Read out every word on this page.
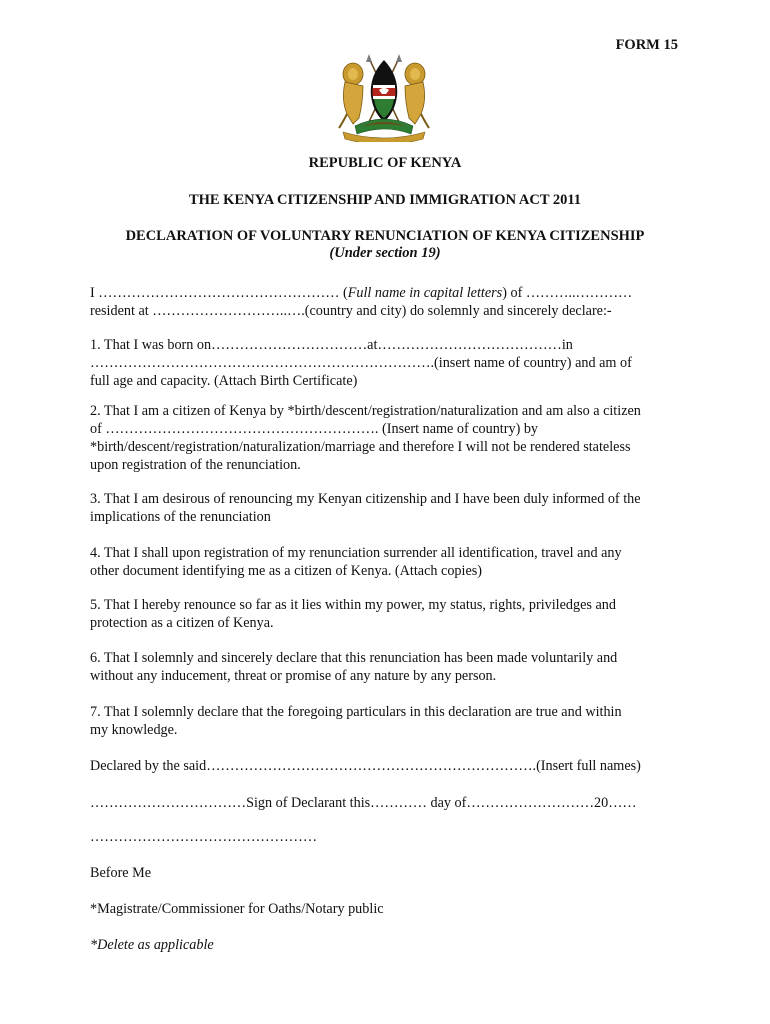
FORM 15
REPUBLIC OF KENYA
THE KENYA CITIZENSHIP AND IMMIGRATION ACT 2011
DECLARATION OF VOLUNTARY RENUNCIATION OF KENYA CITIZENSHIP
(Under section 19)
I …………………………………………… (Full name in capital letters) of ………..…………
resident at ………………………..….(country and city) do solemnly and sincerely declare:-
1. That I was born on……………………………at…………………………………in
……………………………………………………………….(insert name of country) and am of
full age and capacity. (Attach Birth Certificate)
2. That I am a citizen of Kenya by *birth/descent/registration/naturalization and am also a citizen
of …………………………………………………. (Insert name of country) by
*birth/descent/registration/naturalization/marriage and therefore I will not be rendered stateless
upon registration of the renunciation.
3. That I am desirous of renouncing my Kenyan citizenship and I have been duly informed of the
implications of the renunciation
4. That I shall upon registration of my renunciation surrender all identification, travel and any
other document identifying me as a citizen of Kenya. (Attach copies)
5. That I hereby renounce so far as it lies within my power, my status, rights, priviledges and
protection as a citizen of Kenya.
6. That I solemnly and sincerely declare that this renunciation has been made voluntarily and
without any inducement, threat or promise of any nature by any person.
7. That I solemnly declare that the foregoing particulars in this declaration are true and within
my knowledge.
Declared by the said…………………………………………………………….(Insert full names)
……………………………Sign of Declarant this………… day of………………………20……
…………………………………………
Before Me
*Magistrate/Commissioner for Oaths/Notary public
*Delete as applicable
